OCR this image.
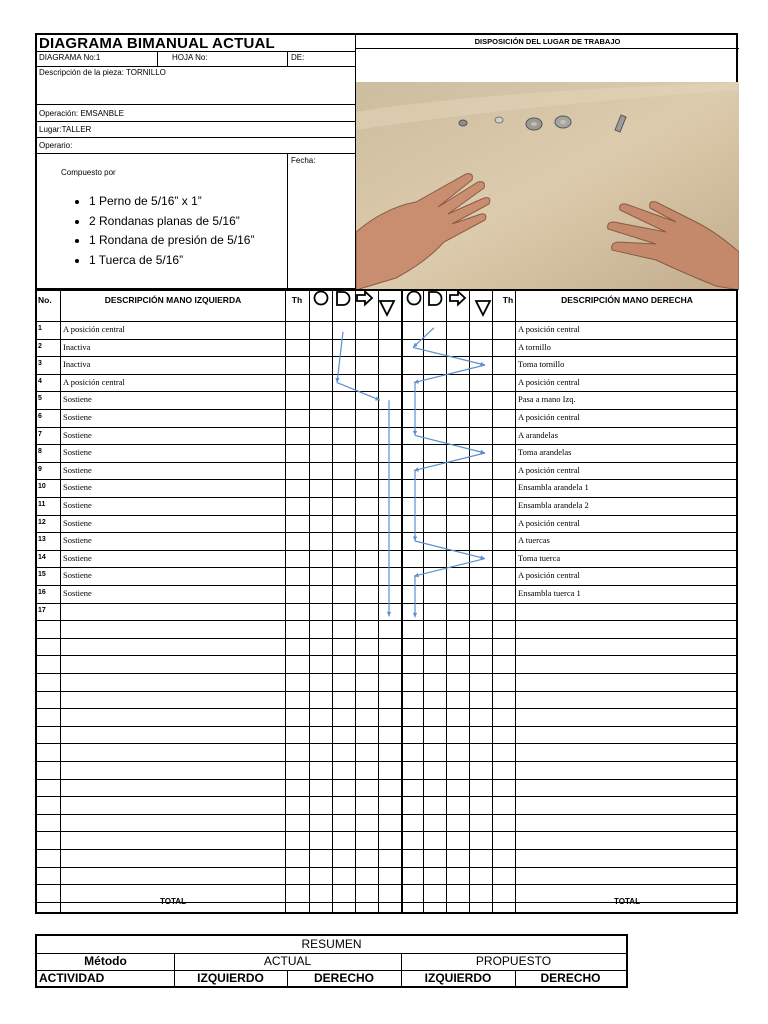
DIAGRAMA BIMANUAL ACTUAL
DIAGRAMA No:1	HOJA No:	DE:
Descripción de la pieza: TORNILLO
Operación: EMSANBLE
Lugar:TALLER
Operario:
Compuesto por
• 1 Perno de 5/16” x 1”
• 2 Rondanas planas de 5/16”
• 1 Rondana de presión de 5/16”
• 1 Tuerca de 5/16”
Fecha:
DISPOSICIÓN DEL LUGAR DE TRABAJO
No.	DESCRIPCIÓN MANO IZQUIERDA	Th	Th	DESCRIPCIÓN MANO DERECHA
1 A posición central	A posición central
2 Inactiva	A tornillo
3 Inactiva	Toma tornillo
4 A posición central	A posición central
5 Sostiene	Pasa a mano Izq.
6 Sostiene	A posición central
7 Sostiene	A arandelas
8 Sostiene	Toma arandelas
9 Sostiene	A posición central
10 Sostiene	Ensambla arandela 1
11 Sostiene	Ensambla arandela 2
12 Sostiene	A posición central
13 Sostiene	A tuercas
14 Sostiene	Toma tuerca
15 Sostiene	A posición central
16 Sostiene	Ensambla tuerca 1
17
TOTAL	TOTAL
RESUMEN
Método	ACTUAL	PROPUESTO
ACTIVIDAD	IZQUIERDO	DERECHO	IZQUIERDO	DERECHO
